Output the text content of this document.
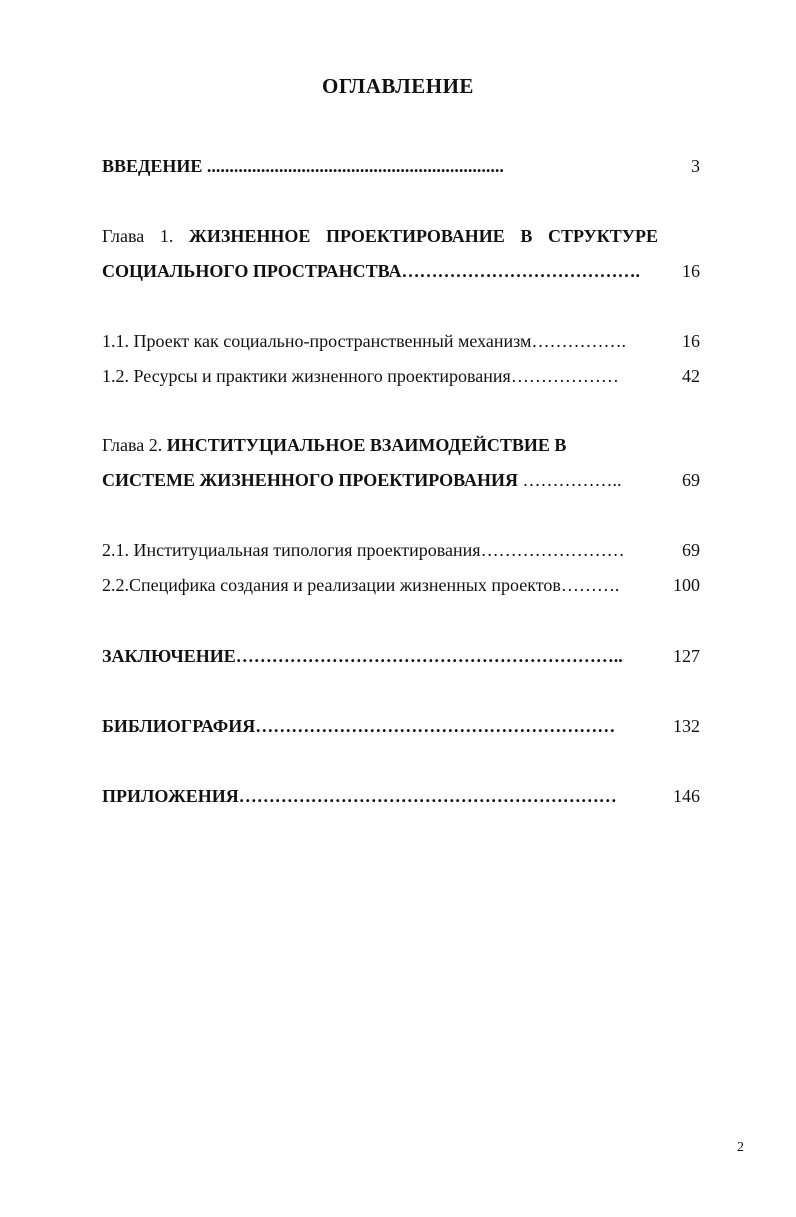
ОГЛАВЛЕНИЕ
ВВЕДЕНИЕ ..................................................................	3
Глава 1. ЖИЗНЕННОЕ ПРОЕКТИРОВАНИЕ В СТРУКТУРЕ
СОЦИАЛЬНОГО ПРОСТРАНСТВА…………………………………. 16
1.1. Проект как социально-пространственный механизм…………….	16
1.2. Ресурсы и практики жизненного проектирования………………	42
Глава 2. ИНСТИТУЦИАЛЬНОЕ ВЗАИМОДЕЙСТВИЕ В
СИСТЕМЕ ЖИЗНЕННОГО ПРОЕКТИРОВАНИЯ ……………..	69
2.1. Институциальная типология проектирования……………………	69
2.2.Специфика создания и реализации жизненных проектов……….	100
ЗАКЛЮЧЕНИЕ………………………………………………………..	127
БИБЛИОГРАФИЯ……………………………………………………	132
ПРИЛОЖЕНИЯ………………………………………………………	146
2
